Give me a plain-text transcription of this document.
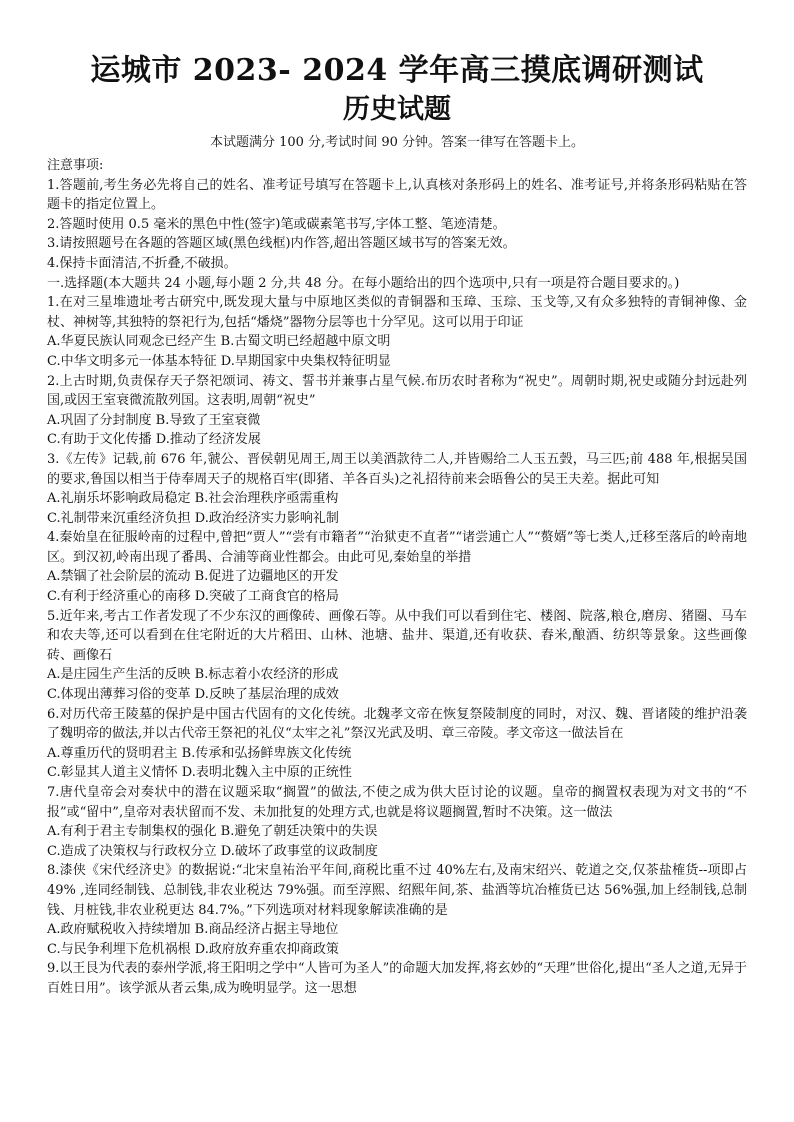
运城市 2023- 2024 学年高三摸底调研测试
历史试题
本试题满分 100 分,考试时间 90 分钟。答案一律写在答题卡上。
注意事项:
1.答题前,考生务必先将自己的姓名、准考证号填写在答题卡上,认真核对条形码上的姓名、准考证号,并将条形码粘贴在答题卡的指定位置上。
2.答题时使用 0.5 毫米的黑色中性(签字)笔或碳素笔书写,字体工整、笔迹清楚。
3.请按照题号在各题的答题区域(黑色线框)内作答,超出答题区域书写的答案无效。
4.保持卡面清洁,不折叠,不破损。
一.选择题(本大题共 24 小题,每小题 2 分,共 48 分。在每小题给出的四个选项中,只有一项是符合题目要求的。)
1.在对三星堆遗址考古研究中,既发现大量与中原地区类似的青铜器和玉璋、玉琮、玉戈等,又有众多独特的青铜神像、金杖、神树等,其独特的祭祀行为,包括“燔烧”器物分层等也十分罕见。这可以用于印证
A.华夏民族认同观念已经产生 B.古蜀文明已经超越中原文明
C.中华文明多元一体基本特征 D.早期国家中央集权特征明显
2.上古时期,负责保存天子祭祀颂词、祷文、誓书并兼事占星气候.布历农时者称为“祝史”。周朝时期,祝史或随分封远赴列国,或因王室衰微流散列国。这表明,周朝“祝史”
A.巩固了分封制度 B.导致了王室衰微
C.有助于文化传播 D.推动了经济发展
3.《左传》记载,前 676 年,虢公、晋侯朝见周王,周王以美酒款待二人,并皆赐给二人玉五瑴，马三匹;前 488 年,根据吴国的要求,鲁国以相当于侍奉周天子的规格百牢(即猪、羊各百头)之礼招待前来会晤鲁公的吴王夫差。据此可知
A.礼崩乐坏影响政局稳定 B.社会治理秩序亟需重构
C.礼制带来沉重经济负担 D.政治经济实力影响礼制
4.秦始皇在征服岭南的过程中,曾把“贾人”“尝有市籍者”“治狱吏不直者”“诸尝逋亡人”“赘婿”等七类人,迁移至落后的岭南地区。到汉初,岭南出现了番禺、合浦等商业性都会。由此可见,秦始皇的举措
A.禁锢了社会阶层的流动 B.促进了边疆地区的开发
C.有利于经济重心的南移 D.突破了工商食官的格局
5.近年来,考古工作者发现了不少东汉的画像砖、画像石等。从中我们可以看到住宅、楼阁、院落,粮仓,磨房、猪圈、马车和农夫等,还可以看到在住宅附近的大片稻田、山林、池塘、盐井、渠道,还有收获、舂米,酿酒、纺织等景象。这些画像砖、画像石
A.是庄园生产生活的反映 B.标志着小农经济的形成
C.体现出薄葬习俗的变革 D.反映了基层治理的成效
6.对历代帝王陵墓的保护是中国古代固有的文化传统。北魏孝文帝在恢复祭陵制度的同时，对汉、魏、晋诸陵的维护沿袭了魏明帝的做法,并以古代帝王祭祀的礼仪“太牢之礼”祭汉光武及明、章三帝陵。孝文帝这一做法旨在
A.尊重历代的贤明君主 B.传承和弘扬鲜卑族文化传统
C.彰显其人道主义情怀 D.表明北魏入主中原的正统性
7.唐代皇帝会对奏状中的潜在议题采取“搁置”的做法,不使之成为供大臣讨论的议题。皇帝的搁置权表现为对文书的“不报”或“留中”,皇帝对表状留而不发、未加批复的处理方式,也就是将议题搁置,暂时不决策。这一做法
A.有利于君主专制集权的强化 B.避免了朝廷决策中的失误
C.造成了决策权与行政权分立 D.破坏了政事堂的议政制度
8.漆侠《宋代经济史》的数据说:“北宋皇祐治平年间,商税比重不过 40%左右,及南宋绍兴、乾道之交,仅茶盐榷货--项即占 49% ,连同经制钱、总制钱,非农业税达 79%强。而至淳熙、绍熙年间,茶、盐酒等坑冶榷货已达 56%强,加上经制钱,总制钱、月桩钱,非农业税更达 84.7%。”下列选项对材料现象解读准确的是
A.政府赋税收入持续增加 B.商品经济占据主导地位
C.与民争利埋下危机祸根 D.政府放弃重农抑商政策
9.以王艮为代表的泰州学派,将王阳明之学中“人皆可为圣人”的命题大加发挥,将玄妙的“天理”世俗化,提出“圣人之道,无异于百姓日用”。该学派从者云集,成为晚明显学。这一思想
